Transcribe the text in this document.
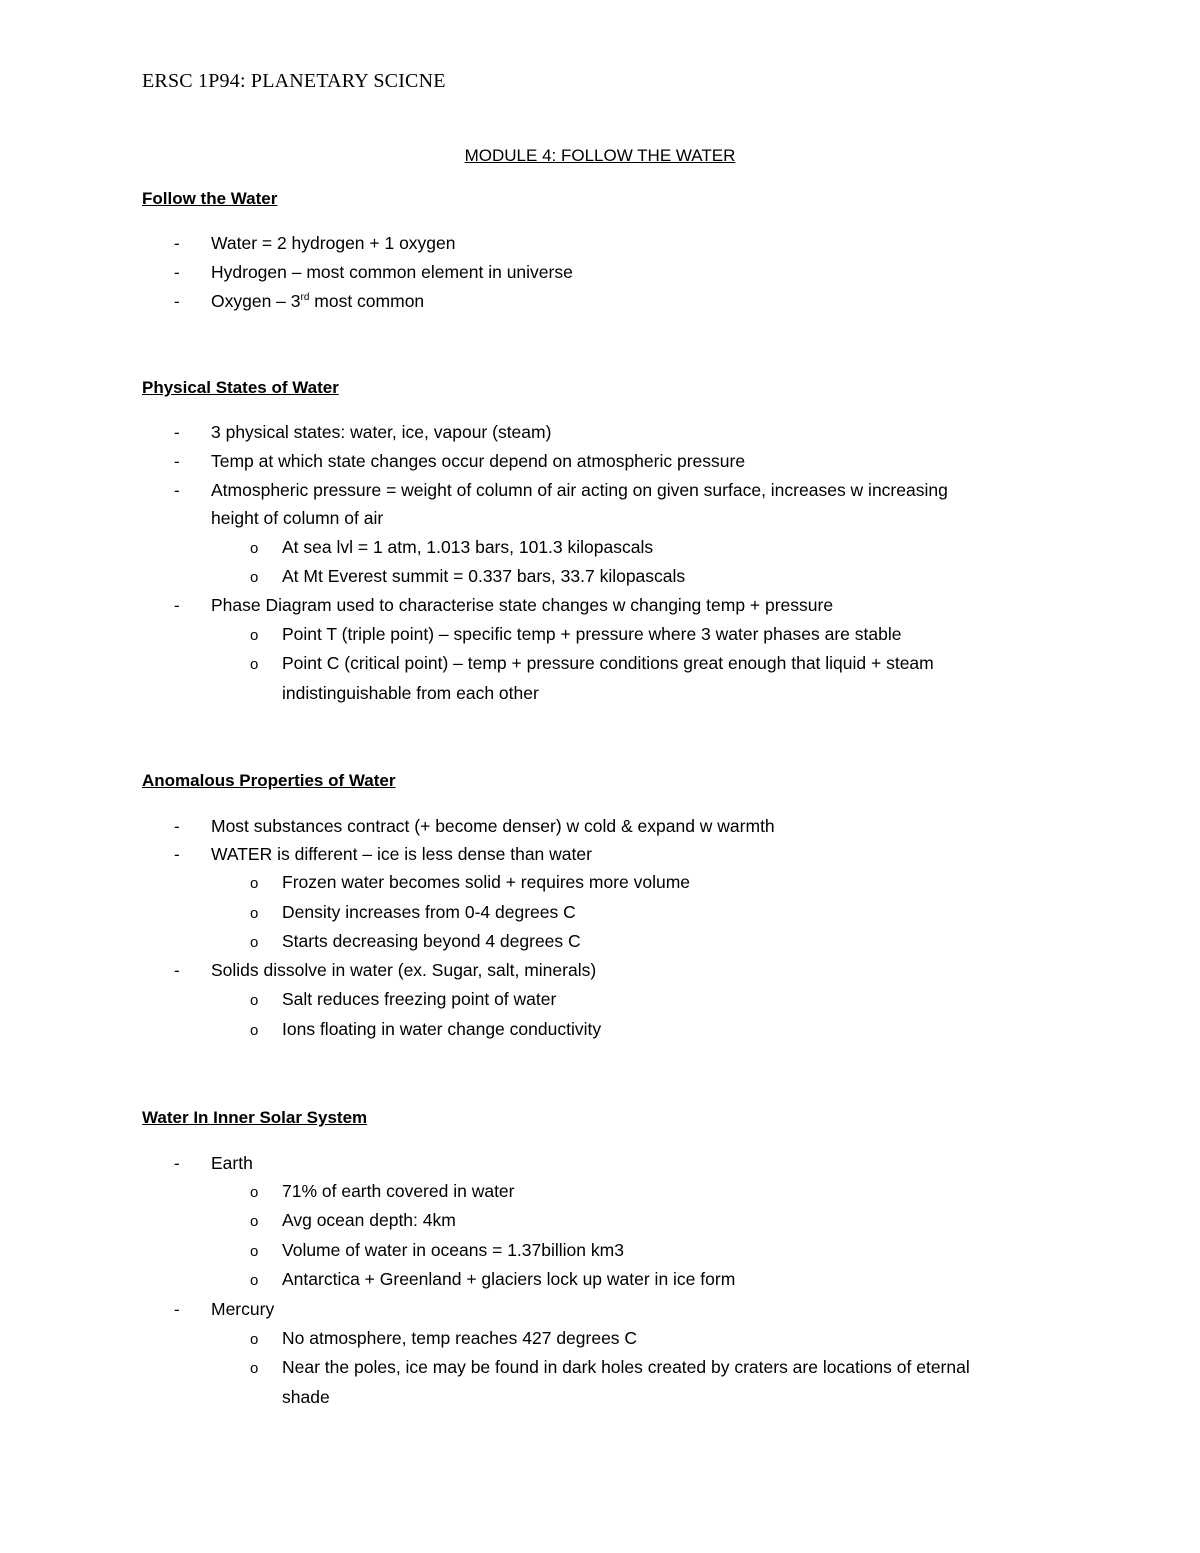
ERSC 1P94: PLANETARY SCICNE
MODULE 4: FOLLOW THE WATER
Follow the Water
- Water = 2 hydrogen + 1 oxygen
- Hydrogen – most common element in universe
- Oxygen – 3rd most common
Physical States of Water
- 3 physical states: water, ice, vapour (steam)
- Temp at which state changes occur depend on atmospheric pressure
- Atmospheric pressure = weight of column of air acting on given surface, increases w increasing
height of column of air
o At sea lvl = 1 atm, 1.013 bars, 101.3 kilopascals
o At Mt Everest summit = 0.337 bars, 33.7 kilopascals
- Phase Diagram used to characterise state changes w changing temp + pressure
o Point T (triple point) – specific temp + pressure where 3 water phases are stable
o Point C (critical point) – temp + pressure conditions great enough that liquid + steam
indistinguishable from each other
Anomalous Properties of Water
- Most substances contract (+ become denser) w cold & expand w warmth
- WATER is different – ice is less dense than water
o Frozen water becomes solid + requires more volume
o Density increases from 0-4 degrees C
o Starts decreasing beyond 4 degrees C
- Solids dissolve in water (ex. Sugar, salt, minerals)
o Salt reduces freezing point of water
o Ions floating in water change conductivity
Water In Inner Solar System
- Earth
o 71% of earth covered in water
o Avg ocean depth: 4km
o Volume of water in oceans = 1.37billion km3
o Antarctica + Greenland + glaciers lock up water in ice form
- Mercury
o No atmosphere, temp reaches 427 degrees C
o Near the poles, ice may be found in dark holes created by craters are locations of eternal
shade
